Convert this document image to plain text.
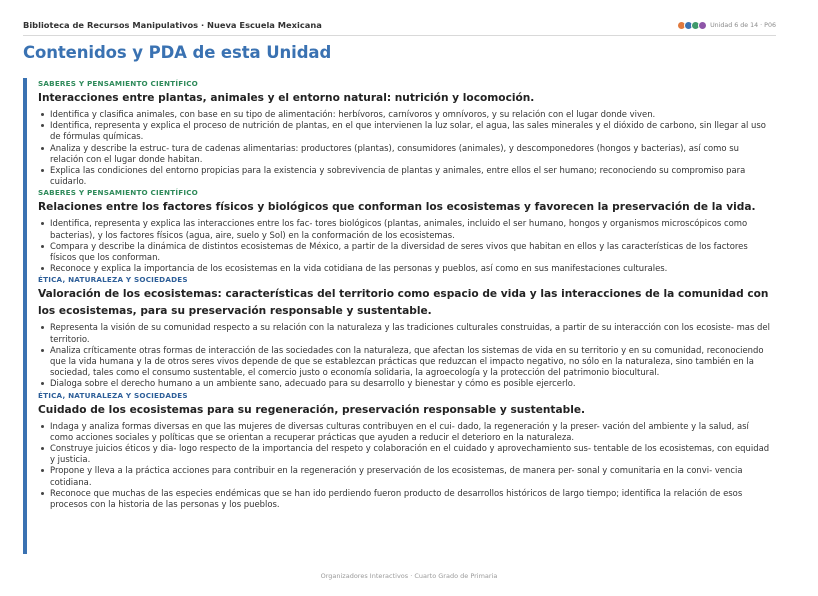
Biblioteca de Recursos Manipulativos · Nueva Escuela Mexicana	Unidad 6 de 14 · P06
Contenidos y PDA de esta Unidad
SABERES Y PENSAMIENTO CIENTÍFICO
Interacciones entre plantas, animales y el entorno natural: nutrición y locomoción.
Identifica y clasifica animales, con base en su tipo de alimentación: herbívoros, carnívoros y omnívoros, y su relación con el lugar donde viven.
Identifica, representa y explica el proceso de nutrición de plantas, en el que intervienen la luz solar, el agua, las sales minerales y el dióxido de carbono, sin llegar al uso de fórmulas químicas.
Analiza y describe la estruc- tura de cadenas alimentarias: productores (plantas), consumidores (animales), y descomponedores (hongos y bacterias), así como su relación con el lugar donde habitan.
Explica las condiciones del entorno propicias para la existencia y sobrevivencia de plantas y animales, entre ellos el ser humano; reconociendo su compromiso para cuidarlo.
SABERES Y PENSAMIENTO CIENTÍFICO
Relaciones entre los factores físicos y biológicos que conforman los ecosistemas y favorecen la preservación de la vida.
Identifica, representa y explica las interacciones entre los fac- tores biológicos (plantas, animales, incluido el ser humano, hongos y organismos microscópicos como bacterias), y los factores físicos (agua, aire, suelo y Sol) en la conformación de los ecosistemas.
Compara y describe la dinámica de distintos ecosistemas de México, a partir de la diversidad de seres vivos que habitan en ellos y las características de los factores físicos que los conforman.
Reconoce y explica la importancia de los ecosistemas en la vida cotidiana de las personas y pueblos, así como en sus manifestaciones culturales.
ÉTICA, NATURALEZA Y SOCIEDADES
Valoración de los ecosistemas: características del territorio como espacio de vida y las interacciones de la comunidad con los ecosistemas, para su preservación responsable y sustentable.
Representa la visión de su comunidad respecto a su relación con la naturaleza y las tradiciones culturales construidas, a partir de su interacción con los ecosiste- mas del territorio.
Analiza críticamente otras formas de interacción de las sociedades con la naturaleza, que afectan los sistemas de vida en su territorio y en su comunidad, reconociendo que la vida humana y la de otros seres vivos depende de que se establezcan prácticas que reduzcan el impacto negativo, no sólo en la naturaleza, sino también en la sociedad, tales como el consumo sustentable, el comercio justo o economía solidaria, la agroecología y la protección del patrimonio biocultural.
Dialoga sobre el derecho humano a un ambiente sano, adecuado para su desarrollo y bienestar y cómo es posible ejercerlo.
ÉTICA, NATURALEZA Y SOCIEDADES
Cuidado de los ecosistemas para su regeneración, preservación responsable y sustentable.
Indaga y analiza formas diversas en que las mujeres de diversas culturas contribuyen en el cui- dado, la regeneración y la preser- vación del ambiente y la salud, así como acciones sociales y políticas que se orientan a recuperar prácticas que ayuden a reducir el deterioro en la naturaleza.
Construye juicios éticos y dia- logo respecto de la importancia del respeto y colaboración en el cuidado y aprovechamiento sus- tentable de los ecosistemas, con equidad y justicia.
Propone y lleva a la práctica acciones para contribuir en la regeneración y preservación de los ecosistemas, de manera per- sonal y comunitaria en la convi- vencia cotidiana.
Reconoce que muchas de las especies endémicas que se han ido perdiendo fueron producto de desarrollos históricos de largo tiempo; identifica la relación de esos procesos con la historia de las personas y los pueblos.
Organizadores Interactivos · Cuarto Grado de Primaria
